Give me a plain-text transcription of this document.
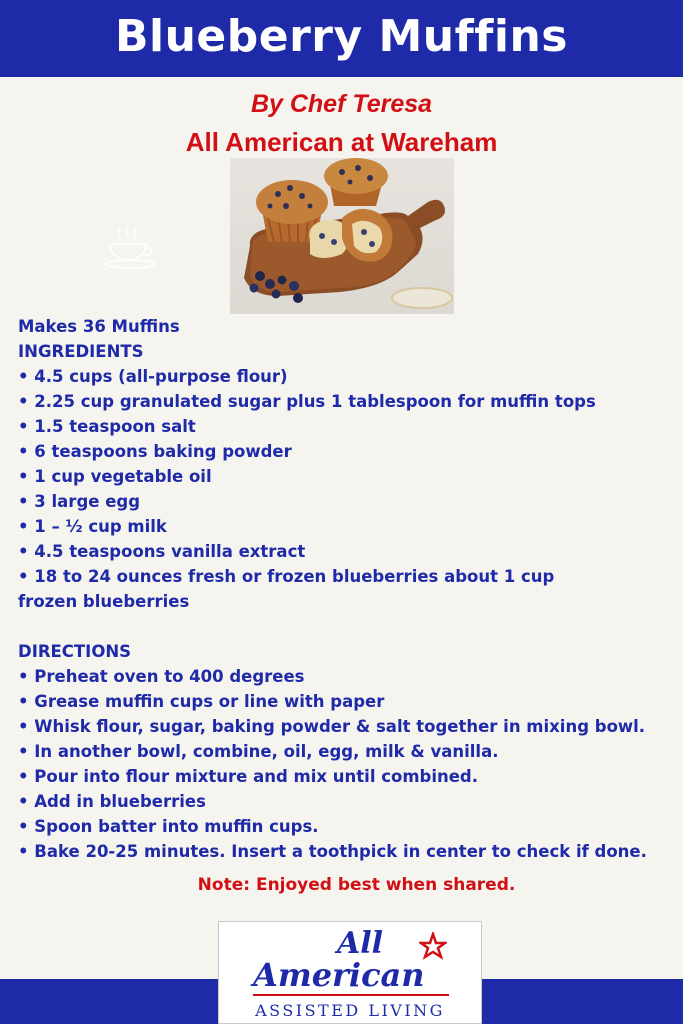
Blueberry Muffins
By Chef Teresa
All American at Wareham
Makes 36 Muffins
INGREDIENTS
• 4.5 cups (all-purpose flour)
• 2.25 cup granulated sugar plus 1 tablespoon for muffin tops
• 1.5 teaspoon salt
• 6 teaspoons baking powder
• 1 cup vegetable oil
• 3 large egg
• 1 – ½ cup milk
• 4.5 teaspoons vanilla extract
• 18 to 24 ounces fresh or frozen blueberries about 1 cup frozen blueberries
DIRECTIONS
• Preheat oven to 400 degrees
• Grease muffin cups or line with paper
• Whisk flour, sugar, baking powder & salt together in mixing bowl.
• In another bowl, combine, oil, egg, milk & vanilla.
• Pour into flour mixture and mix until combined.
• Add in blueberries
• Spoon batter into muffin cups.
• Bake 20-25 minutes. Insert a toothpick in center to check if done.
Note: Enjoyed best when shared.
All
American
ASSISTED LIVING
